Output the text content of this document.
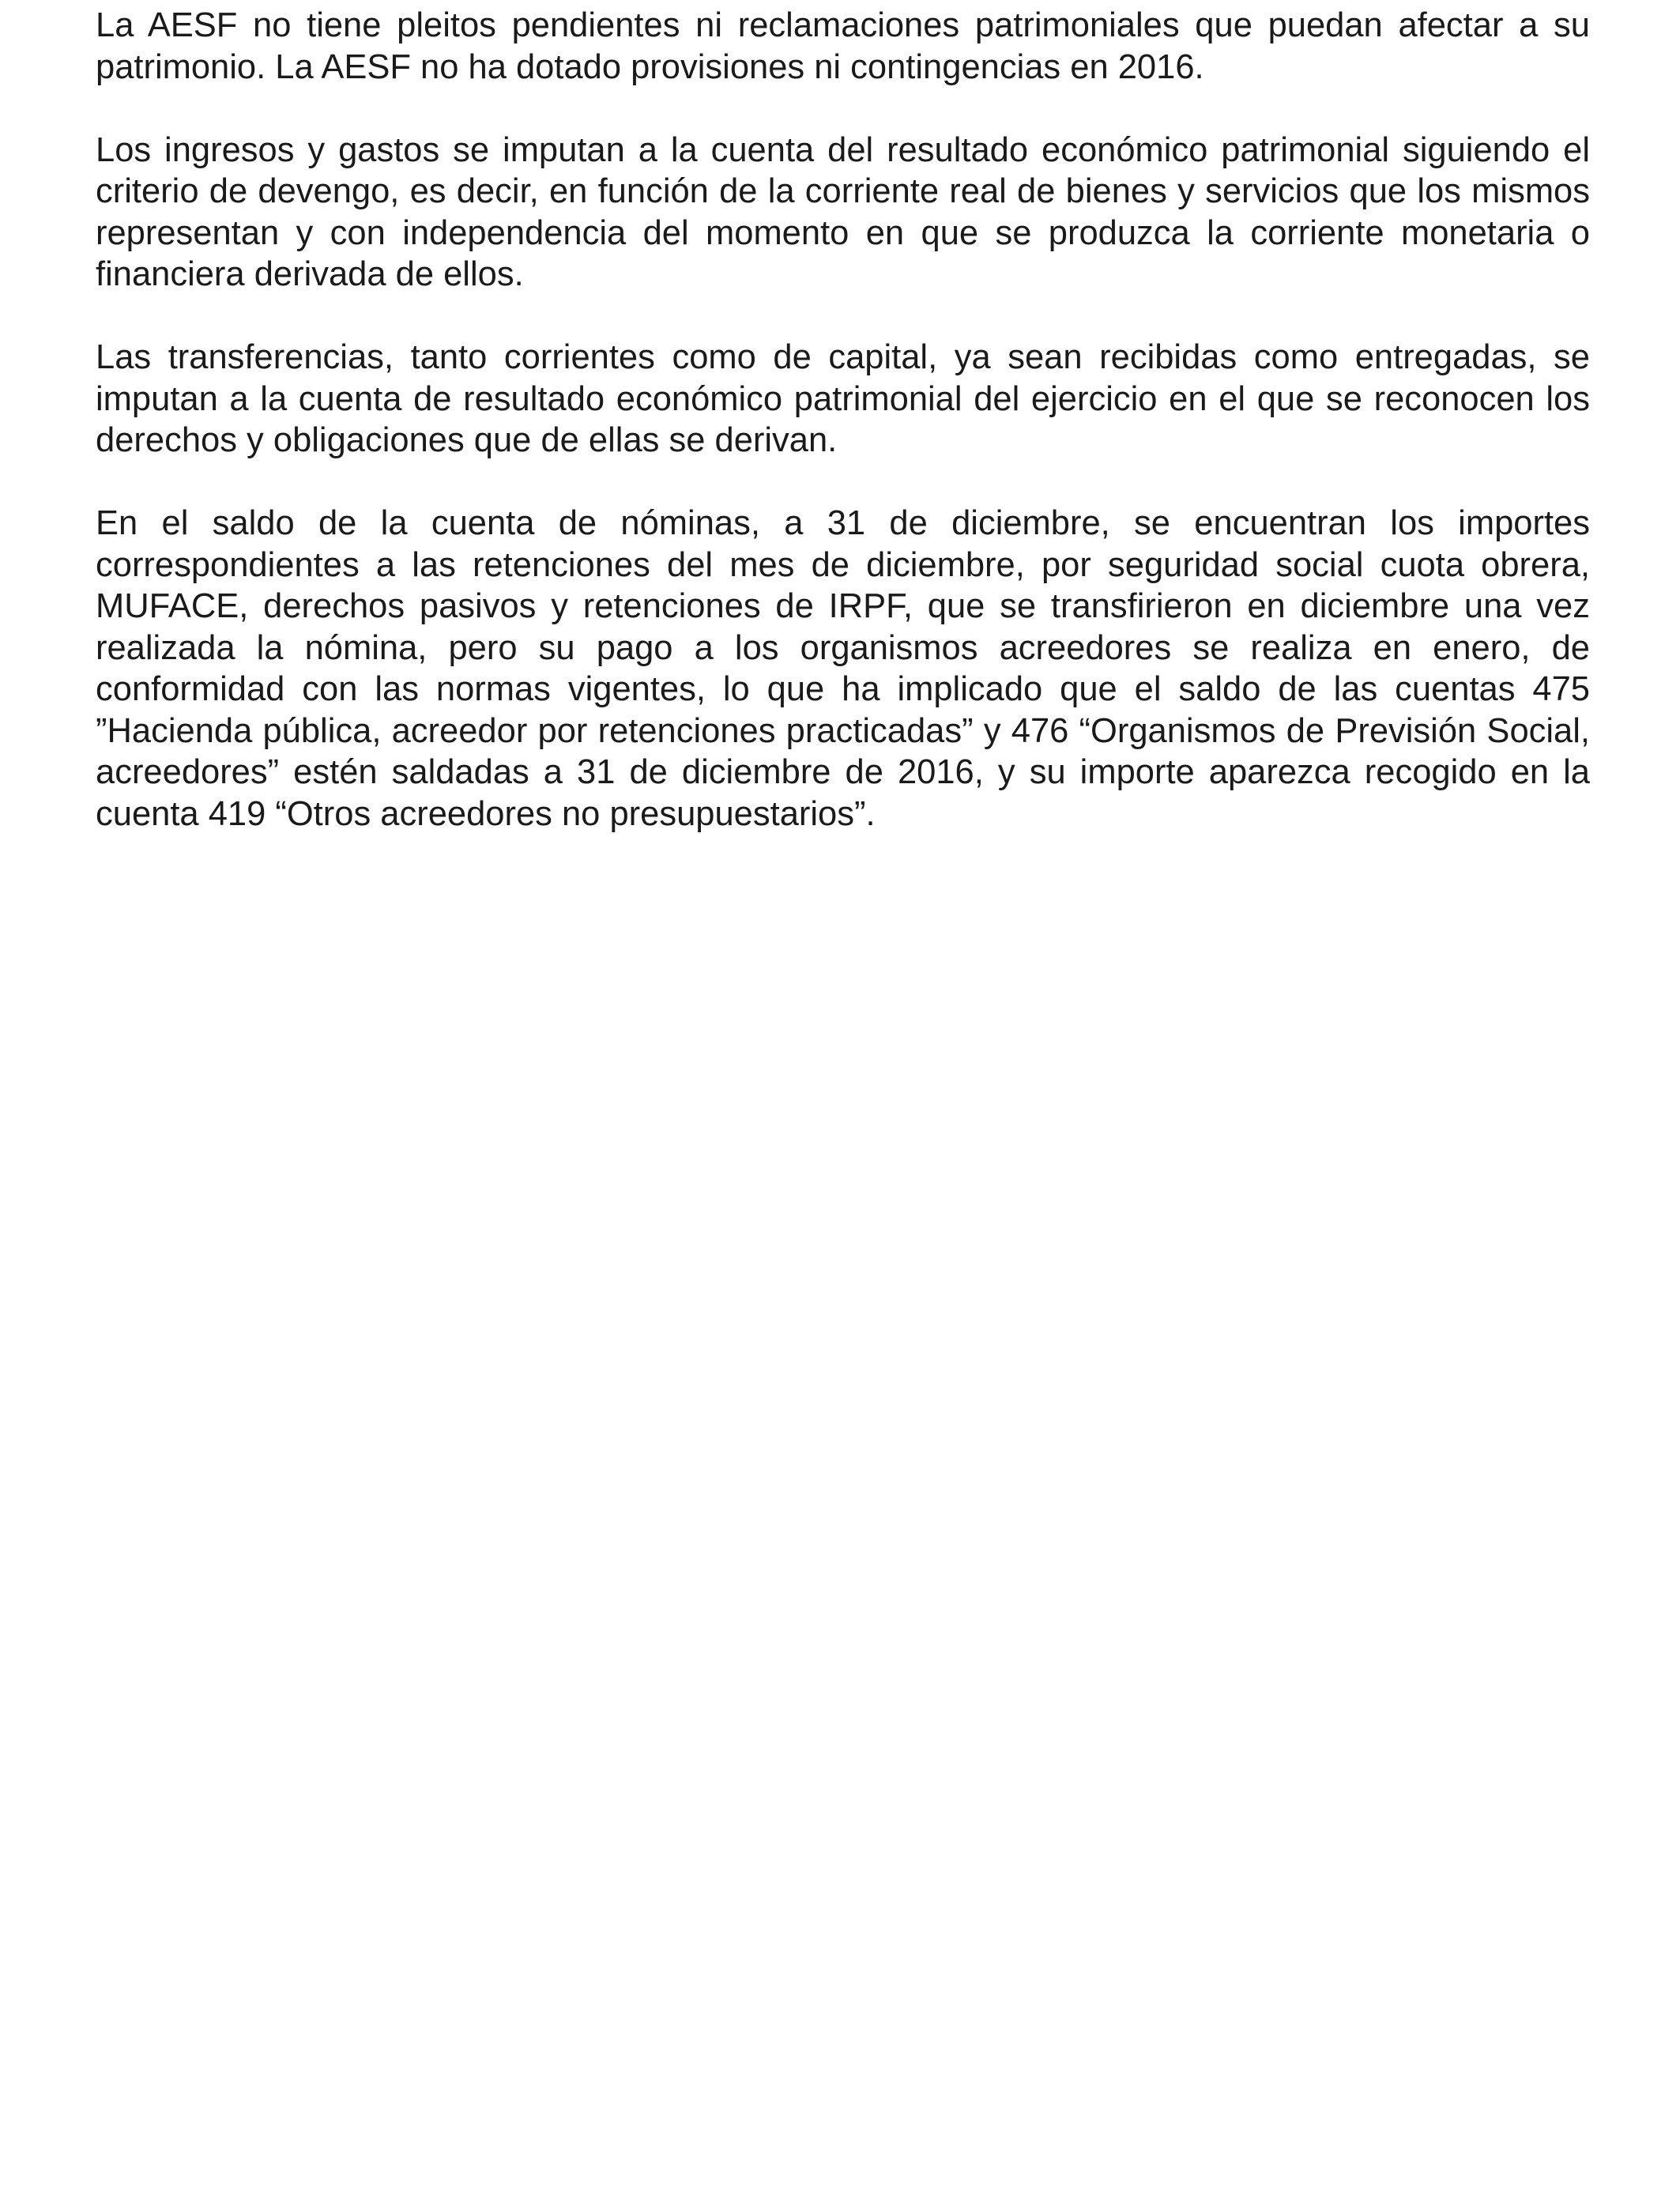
La AESF no tiene pleitos pendientes ni reclamaciones patrimoniales que puedan afectar a su patrimonio. La AESF no ha dotado provisiones ni contingencias en 2016.

Los ingresos y gastos se imputan a la cuenta del resultado económico patrimonial siguiendo el criterio de devengo, es decir, en función de la corriente real de bienes y servicios que los mismos representan y con independencia del momento en que se produzca la corriente monetaria o financiera derivada de ellos.

Las transferencias, tanto corrientes como de capital, ya sean recibidas como entregadas, se imputan a la cuenta de resultado económico patrimonial del ejercicio en el que se reconocen los derechos y obligaciones que de ellas se derivan.

En el saldo de la cuenta de nóminas, a 31 de diciembre, se encuentran los importes correspondientes a las retenciones del mes de diciembre, por seguridad social cuota obrera, MUFACE, derechos pasivos y retenciones de IRPF, que se transfirieron en diciembre una vez realizada la nómina, pero su pago a los organismos acreedores se realiza en enero, de conformidad con las normas vigentes, lo que ha implicado que el saldo de las cuentas 475 ”Hacienda pública, acreedor por retenciones practicadas” y 476 “Organismos de Previsión Social, acreedores” estén saldadas a 31 de diciembre de 2016, y su importe aparezca recogido en la cuenta 419 “Otros acreedores no presupuestarios”.
